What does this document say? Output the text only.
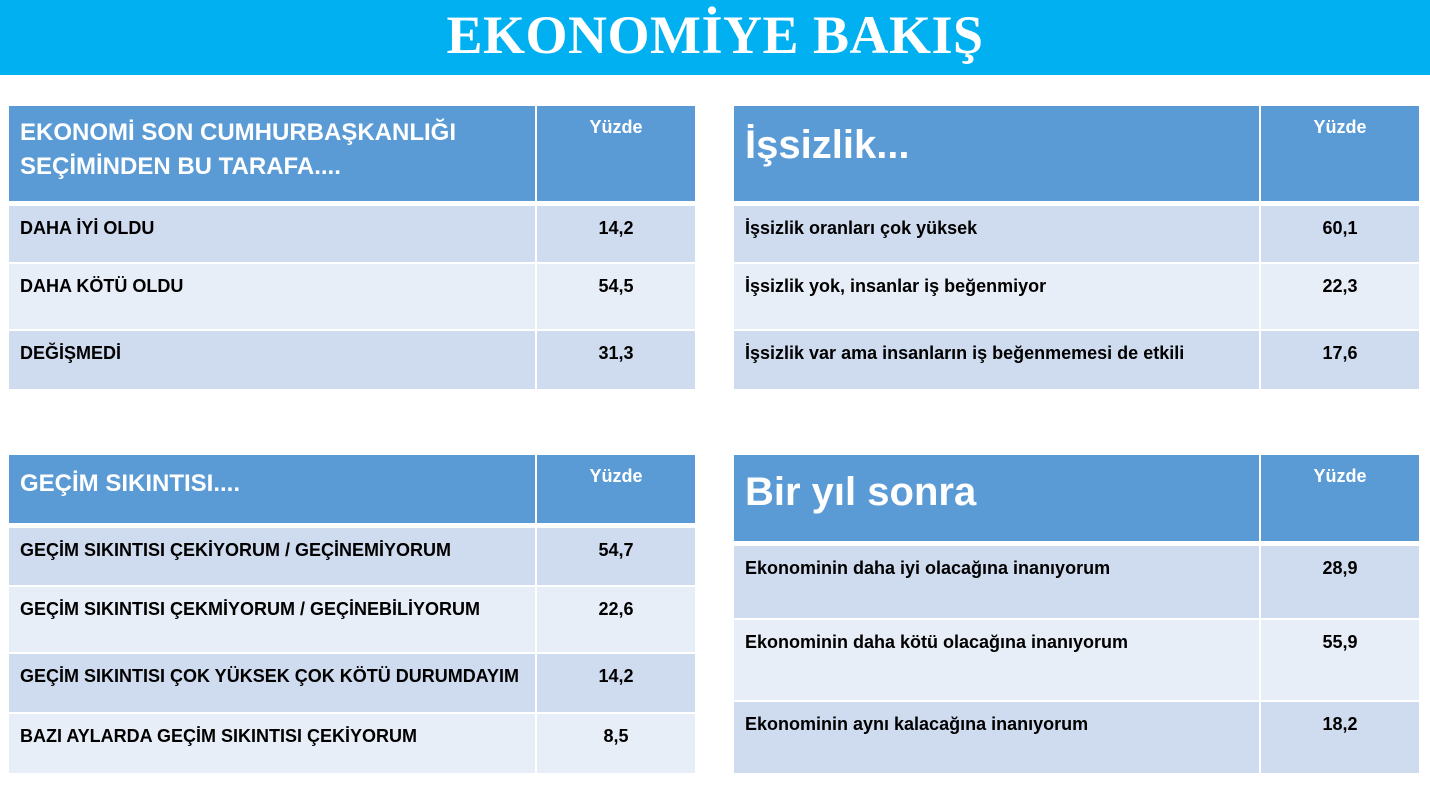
EKONOMİYE BAKIŞ
EKONOMİ SON CUMHURBAŞKANLIĞI SEÇİMİNDEN BU TARAFA....	Yüzde
DAHA İYİ OLDU	14,2
DAHA KÖTÜ OLDU	54,5
DEĞİŞMEDİ	31,3
İşsizlik...	Yüzde
İşsizlik oranları çok yüksek	60,1
İşsizlik yok, insanlar iş beğenmiyor	22,3
İşsizlik var ama insanların iş beğenmemesi de etkili	17,6
GEÇİM SIKINTISI....	Yüzde
GEÇİM SIKINTISI ÇEKİYORUM / GEÇİNEMİYORUM	54,7
GEÇİM SIKINTISI ÇEKMİYORUM / GEÇİNEBİLİYORUM	22,6
GEÇİM SIKINTISI ÇOK YÜKSEK ÇOK KÖTÜ DURUMDAYIM	14,2
BAZI AYLARDA GEÇİM SIKINTISI ÇEKİYORUM	8,5
Bir yıl sonra	Yüzde
Ekonominin daha iyi olacağına inanıyorum	28,9
Ekonominin daha kötü olacağına inanıyorum	55,9
Ekonominin aynı kalacağına inanıyorum	18,2
